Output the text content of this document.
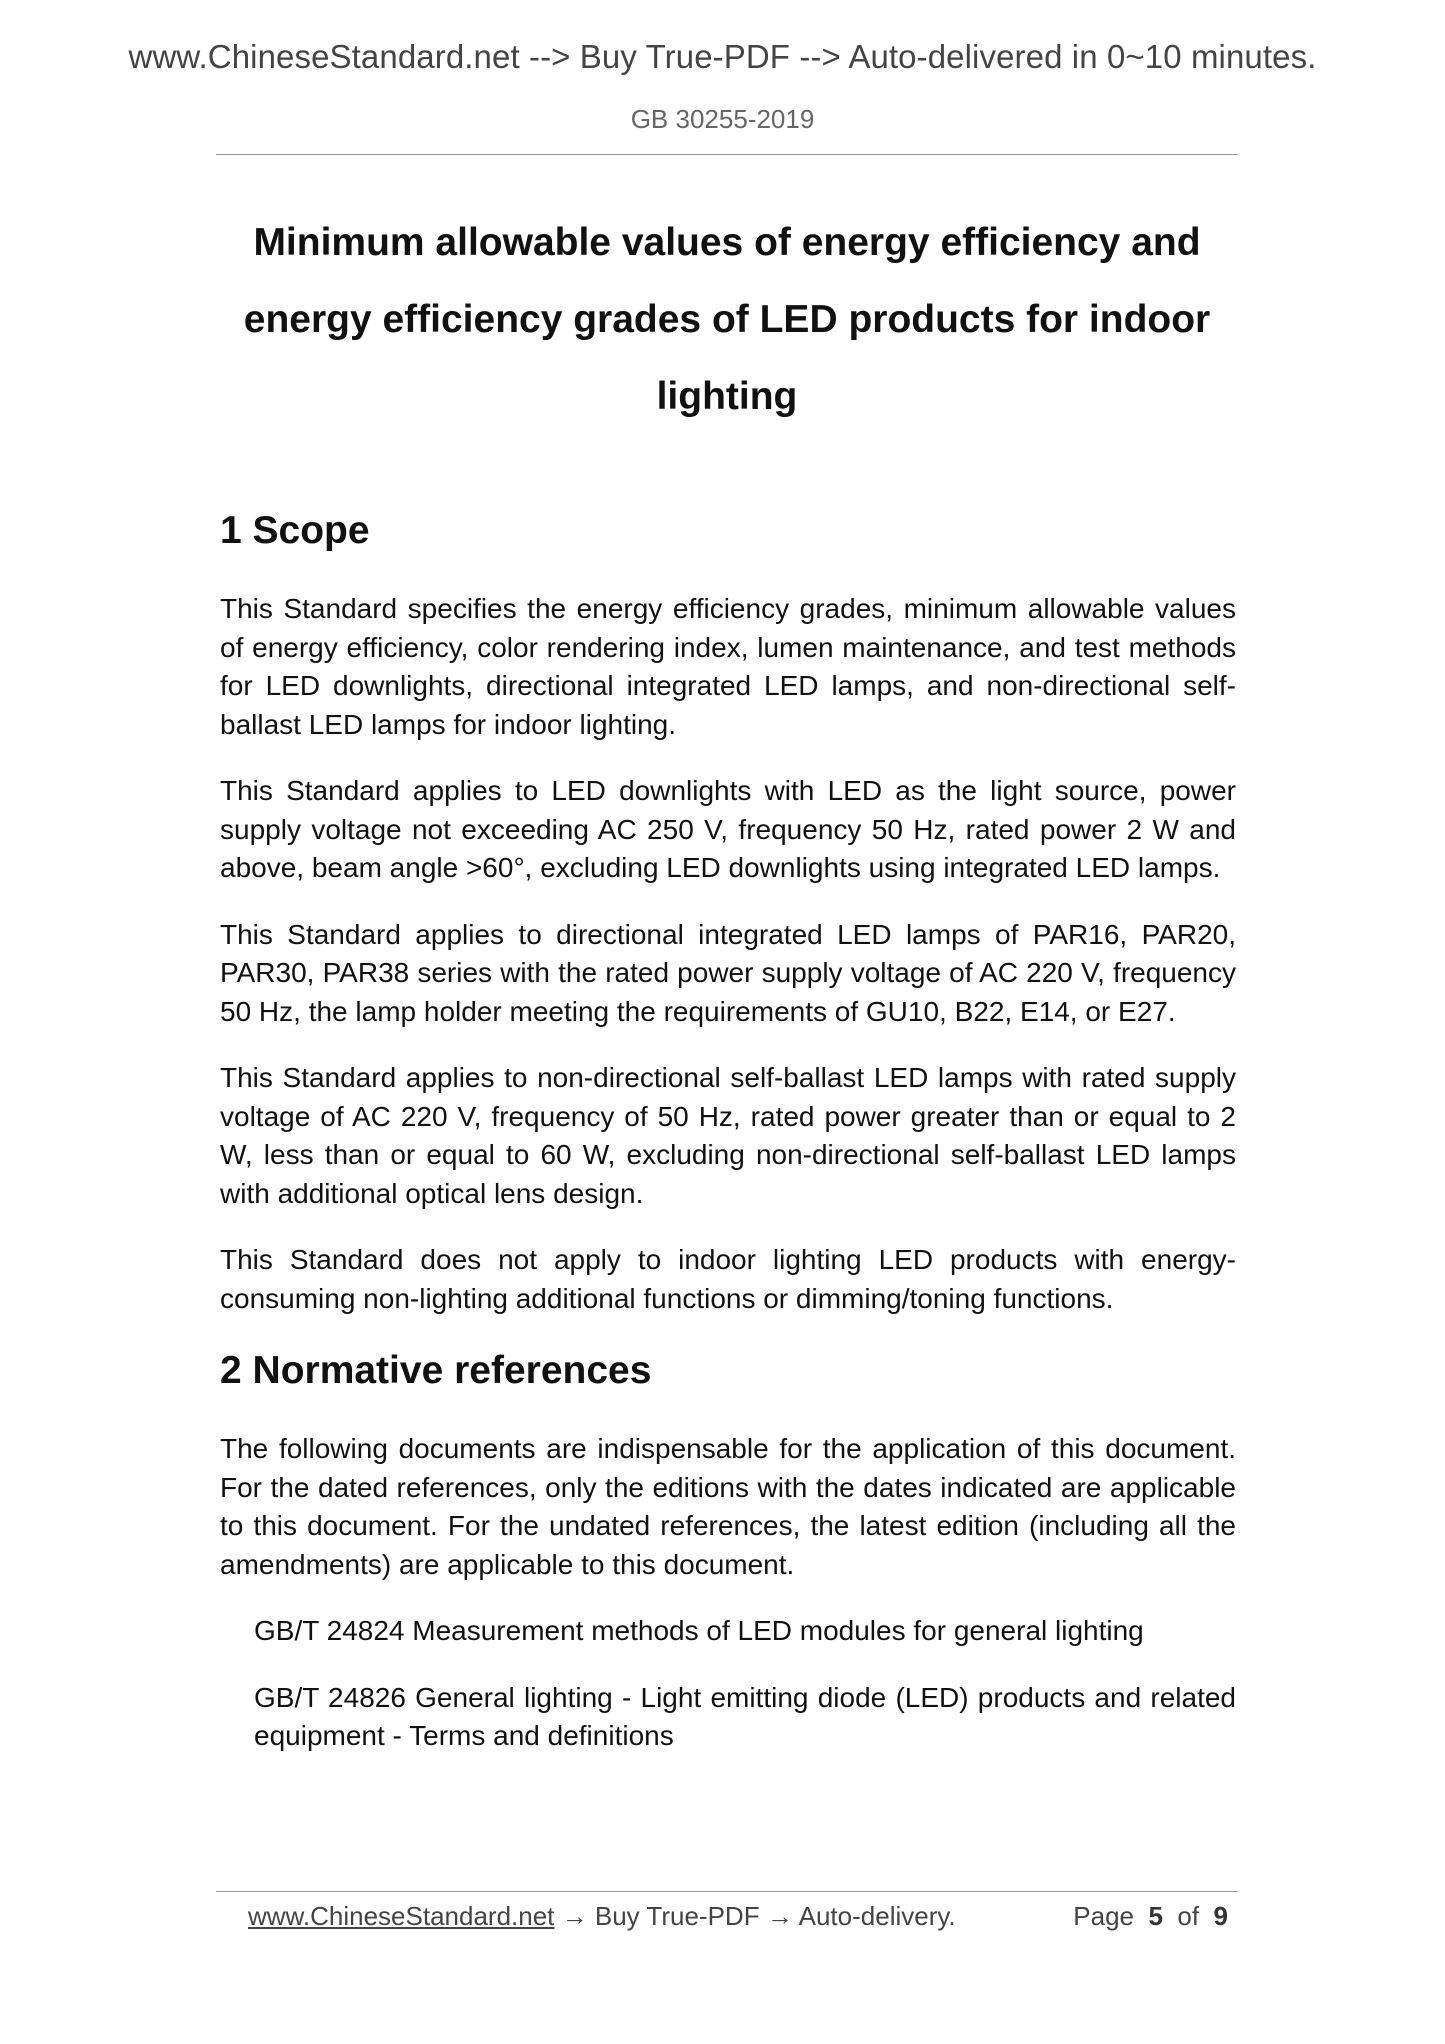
www.ChineseStandard.net --> Buy True-PDF --> Auto-delivered in 0~10 minutes.
GB 30255-2019
Minimum allowable values of energy efficiency and
energy efficiency grades of LED products for indoor
lighting
1 Scope

This Standard specifies the energy efficiency grades, minimum allowable values of energy efficiency, color rendering index, lumen maintenance, and test methods for LED downlights, directional integrated LED lamps, and non-directional self-ballast LED lamps for indoor lighting.

This Standard applies to LED downlights with LED as the light source, power supply voltage not exceeding AC 250 V, frequency 50 Hz, rated power 2 W and above, beam angle >60°, excluding LED downlights using integrated LED lamps.

This Standard applies to directional integrated LED lamps of PAR16, PAR20, PAR30, PAR38 series with the rated power supply voltage of AC 220 V, frequency 50 Hz, the lamp holder meeting the requirements of GU10, B22, E14, or E27.

This Standard applies to non-directional self-ballast LED lamps with rated supply voltage of AC 220 V, frequency of 50 Hz, rated power greater than or equal to 2 W, less than or equal to 60 W, excluding non-directional self-ballast LED lamps with additional optical lens design.

This Standard does not apply to indoor lighting LED products with energy-consuming non-lighting additional functions or dimming/toning functions.

2 Normative references

The following documents are indispensable for the application of this document. For the dated references, only the editions with the dates indicated are applicable to this document. For the undated references, the latest edition (including all the amendments) are applicable to this document.

GB/T 24824 Measurement methods of LED modules for general lighting

GB/T 24826 General lighting - Light emitting diode (LED) products and related equipment - Terms and definitions

www.ChineseStandard.net → Buy True-PDF → Auto-delivery.	Page 5 of 9
